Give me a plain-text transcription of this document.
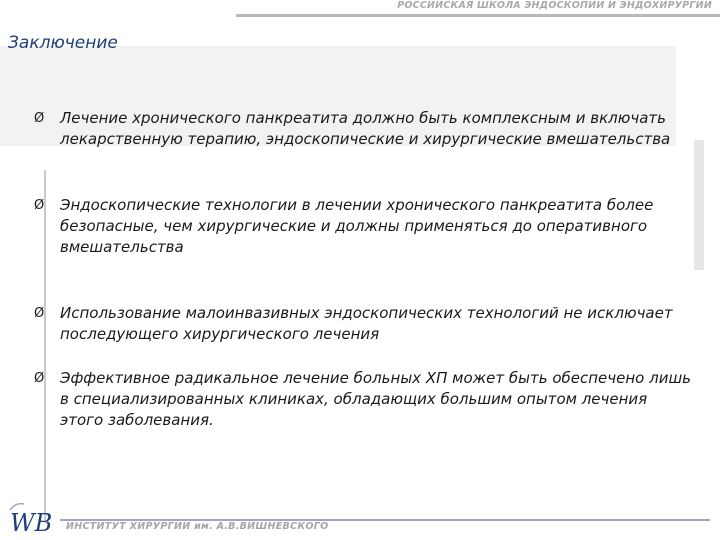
РОССИЙСКАЯ ШКОЛА ЭНДОСКОПИИ И ЭНДОХИРУРГИИ
Заключение
Ø Лечение хронического панкреатита должно быть комплексным и включать лекарственную терапию, эндоскопические и хирургические вмешательства
Ø Эндоскопические технологии в лечении хронического панкреатита более безопасные, чем хирургические и должны применяться до оперативного вмешательства
Ø Использование малоинвазивных эндоскопических технологий не исключает последующего хирургического лечения
Ø Эффективное радикальное лечение больных ХП может быть обеспечено лишь в специализированных клиниках, обладающих большим опытом лечения этого заболевания.
WB ИНСТИТУТ ХИРУРГИИ им. А.В.ВИШНЕВСКОГО
